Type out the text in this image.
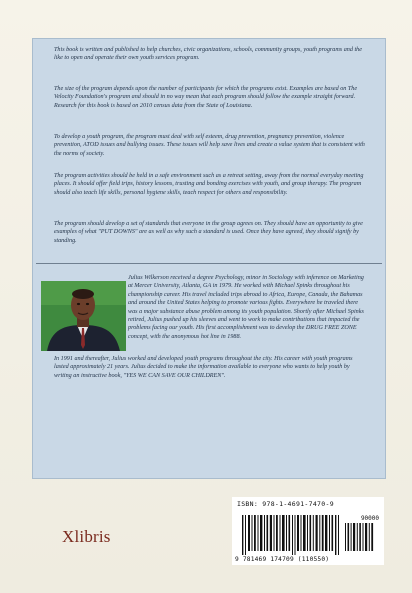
This book is written and published to help churches, civic organizations, schools, community groups, youth programs and the like to open and operate their own youth services program.

The size of the program depends upon the number of participants for which the programs exist. Examples are based on The Velocity Foundation's program and should in no way mean that each program should follow the example straight forward. Research for this book is based on 2010 census data from the State of Louisiana.

To develop a youth program, the program must deal with self esteem, drug prevention, pregnancy prevention, violence prevention, ATOD issues and bullying issues. These issues will help save lives and create a value system that is consistent with the norms of society.

The program activities should be held in a safe environment such as a retreat setting, away from the normal everyday meeting places. It should offer field trips, history lessons, trusting and bonding exercises with youth, and group therapy. The program should also teach life skills, personal hygiene skills, teach respect for others and responsibility.

The program should develop a set of standards that everyone in the group agrees on. They should have an opportunity to give examples of what "PUT DOWNS" are as well as why such a standard is used. Once they have agreed, they should signify by standing.

Julius Wilkerson received a degree Psychology, minor in Sociology with inference on Marketing at Mercer University, Atlanta, GA in 1979. He worked with Michael Spinks throughout his championship career. His travel included trips abroad to Africa, Europe, Canada, the Bahamas and around the United States helping to promote various fights. Everywhere he traveled there was a major substance abuse problem among its youth population. Shortly after Michael Spinks retired, Julius pushed up his sleeves and went to work to make contributions that impacted the problems facing our youth. His first accomplishment was to develop the DRUG FREE ZONE concept, with the anonymous hot line in 1988.

In 1991 and thereafter, Julius worked and developed youth programs throughout the city. His career with youth programs lasted approximately 21 years. Julius decided to make the information available to everyone who wants to help youth by writing an instructive book, "YES WE CAN SAVE OUR CHILDREN".

Xlibris
ISBN: 978-1-4691-7470-9
90000
9 781469 174709 (110550)
